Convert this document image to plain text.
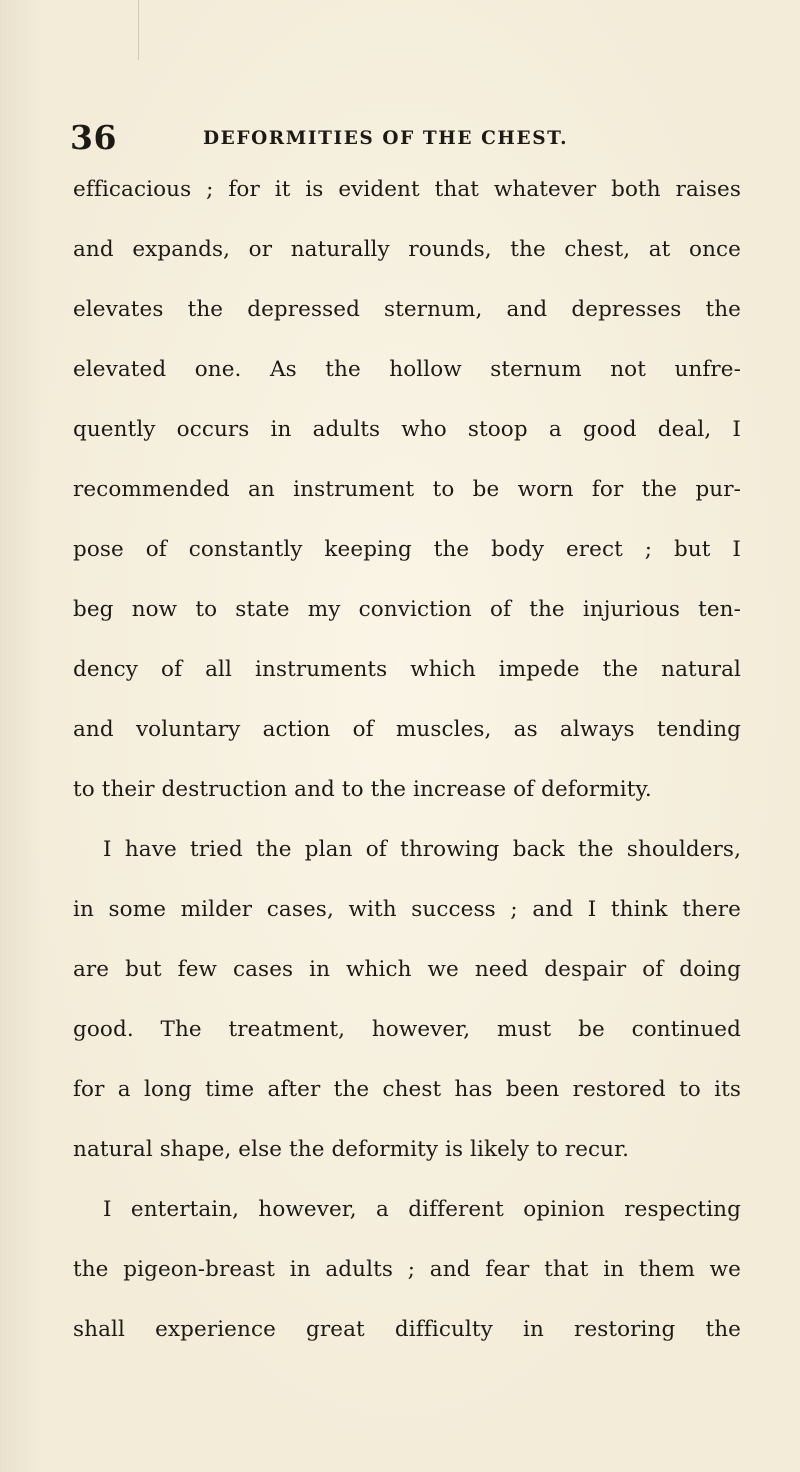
36	DEFORMITIES OF THE CHEST.
efficacious ; for it is evident that whatever both raises
and expands, or naturally rounds, the chest, at once
elevates the depressed sternum, and depresses the
elevated one. As the hollow sternum not unfre-
quently occurs in adults who stoop a good deal, I
recommended an instrument to be worn for the pur-
pose of constantly keeping the body erect ; but I
beg now to state my conviction of the injurious ten-
dency of all instruments which impede the natural
and voluntary action of muscles, as always tending
to their destruction and to the increase of deformity.
I have tried the plan of throwing back the shoulders,
in some milder cases, with success ; and I think there
are but few cases in which we need despair of doing
good. The treatment, however, must be continued
for a long time after the chest has been restored to its
natural shape, else the deformity is likely to recur.
I entertain, however, a different opinion respecting
the pigeon-breast in adults ; and fear that in them we
shall experience great difficulty in restoring the
